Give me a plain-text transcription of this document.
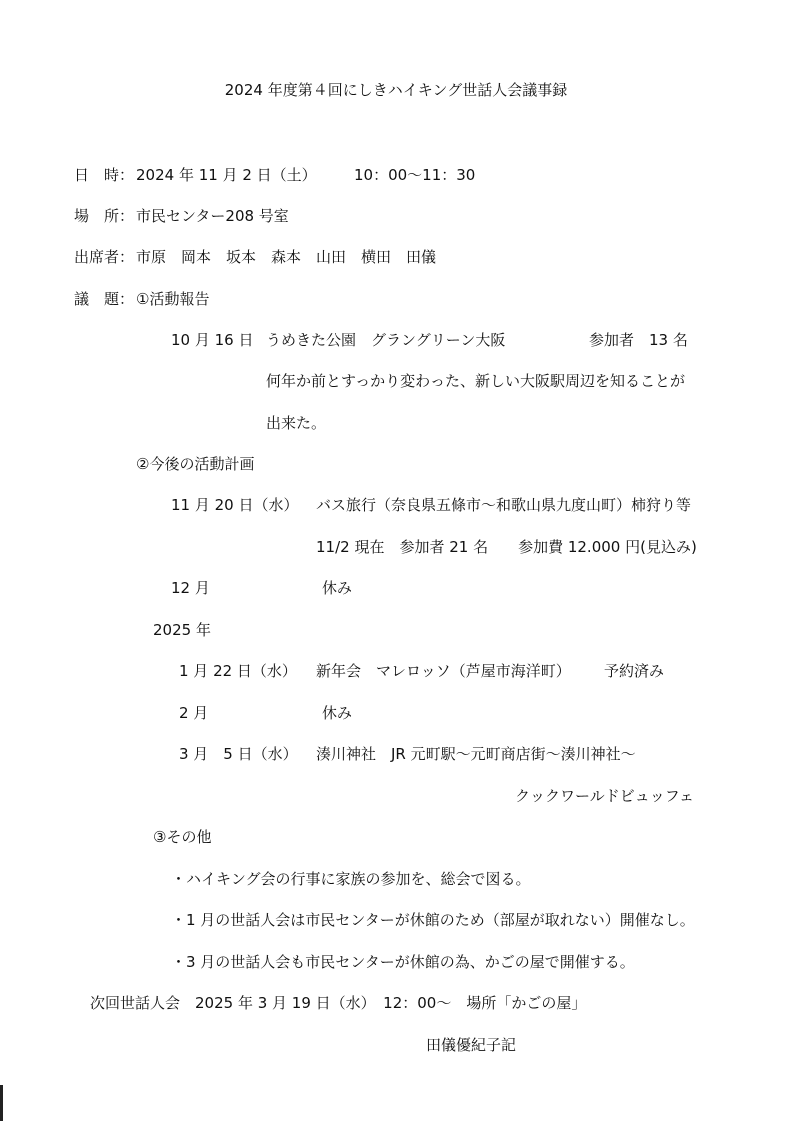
2024 年度第４回にしきハイキング世話人会議事録
日　時： 2024 年 11 月 2 日（土） 10：00～11：30
場　所： 市民センター208 号室
出席者： 市原　岡本　坂本　森本　山田　横田　田儀
議　題： ①活動報告
10 月 16 日 うめきた公園　グラングリーン大阪	参加者　13 名
何年か前とすっかり変わった、新しい大阪駅周辺を知ることが
出来た。
②今後の活動計画
11 月 20 日（水） バス旅行（奈良県五條市～和歌山県九度山町）柿狩り等
11/2 現在　参加者 21 名　　参加費 12.000 円(見込み)
12 月	休み
2025 年
1 月 22 日（水） 新年会　マレロッソ（芦屋市海洋町） 予約済み
2 月	休み
3 月　5 日（水） 湊川神社　JR 元町駅～元町商店街～湊川神社～
クックワールドビュッフェ
③その他
・ハイキング会の行事に家族の参加を、総会で図る。
・1 月の世話人会は市民センターが休館のため（部屋が取れない）開催なし。
・3 月の世話人会も市民センターが休館の為、かごの屋で開催する。
次回世話人会　2025 年 3 月 19 日（水）　12：00～　場所「かごの屋」
田儀優紀子記
